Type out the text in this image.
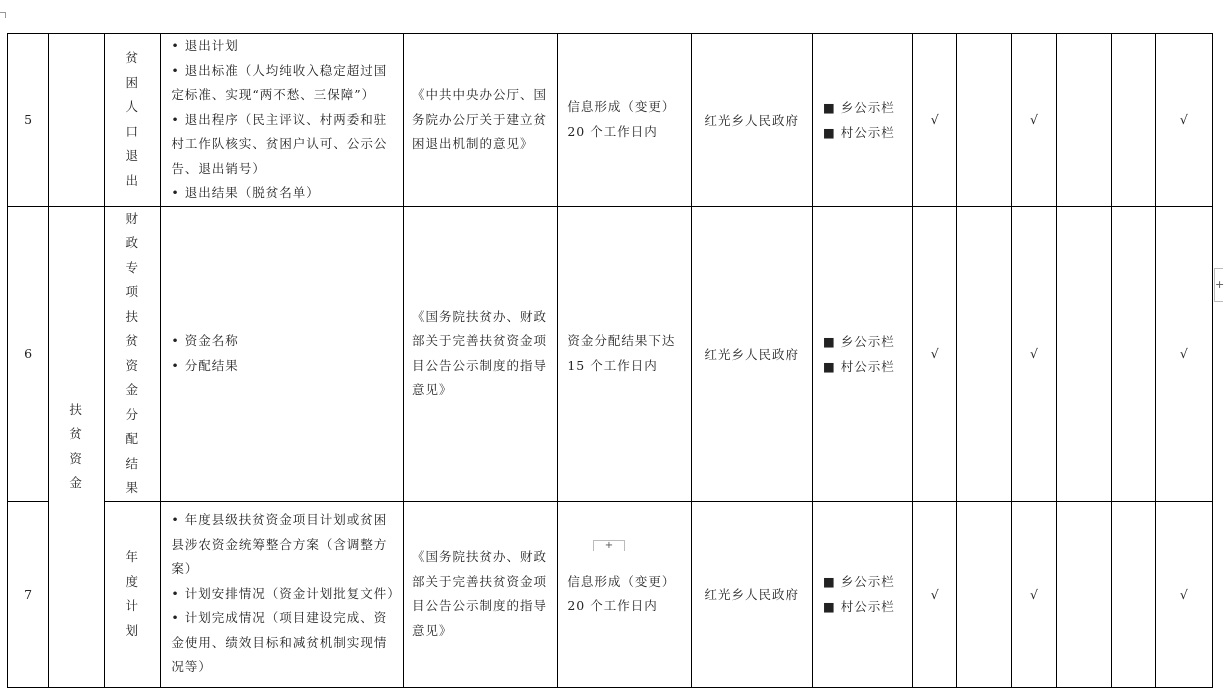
5		贫困人口退出	• 退出计划
• 退出标准（人均纯收入稳定超过国定标准、实现“两不愁、三保障”）
• 退出程序（民主评议、村两委和驻村工作队核实、贫困户认可、公示公告、退出销号）
• 退出结果（脱贫名单）	《中共中央办公厅、国务院办公厅关于建立贫困退出机制的意见》	信息形成（变更）20 个工作日内	红光乡人民政府	■ 乡公示栏
■ 村公示栏	√		√			√
6	扶贫资金	财政专项扶贫资金分配结果	• 资金名称
• 分配结果	《国务院扶贫办、财政部关于完善扶贫资金项目公告公示制度的指导意见》	资金分配结果下达15 个工作日内	红光乡人民政府	■ 乡公示栏
■ 村公示栏	√		√			√
7		年度计划	• 年度县级扶贫资金项目计划或贫困县涉农资金统筹整合方案（含调整方案）
• 计划安排情况（资金计划批复文件）
• 计划完成情况（项目建设完成、资金使用、绩效目标和减贫机制实现情况等）	《国务院扶贫办、财政部关于完善扶贫资金项目公告公示制度的指导意见》	信息形成（变更）20 个工作日内	红光乡人民政府	■ 乡公示栏
■ 村公示栏	√		√			√
+
+
